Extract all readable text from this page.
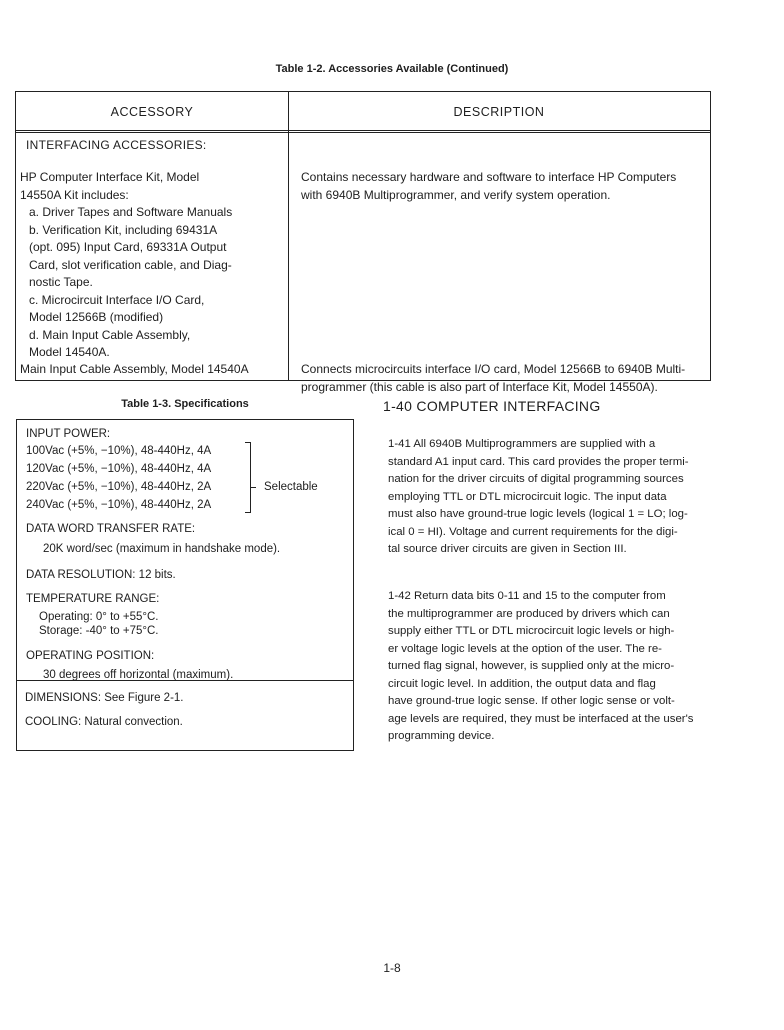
Table 1-2. Accessories Available (Continued)
ACCESSORY	DESCRIPTION
INTERFACING ACCESSORIES:
HP Computer Interface Kit, Model
14550A Kit includes:
a. Driver Tapes and Software Manuals
b. Verification Kit, including 69431A
(opt. 095) Input Card, 69331A Output
Card, slot verification cable, and Diag-
nostic Tape.
c. Microcircuit Interface I/O Card,
Model 12566B (modified)
d. Main Input Cable Assembly,
Model 14540A.
Contains necessary hardware and software to interface HP Computers
with 6940B Multiprogrammer, and verify system operation.
Main Input Cable Assembly, Model 14540A	Connects microcircuits interface I/O card, Model 12566B to 6940B Multi-
programmer (this cable is also part of Interface Kit, Model 14550A).
Table 1-3. Specifications
INPUT POWER:
100Vac (+5%, −10%), 48-440Hz, 4A
120Vac (+5%, −10%), 48-440Hz, 4A
220Vac (+5%, −10%), 48-440Hz, 2A
240Vac (+5%, −10%), 48-440Hz, 2A
Selectable
DATA WORD TRANSFER RATE:
20K word/sec (maximum in handshake mode).
DATA RESOLUTION: 12 bits.
TEMPERATURE RANGE:
Operating: 0° to +55°C.
Storage: -40° to +75°C.
OPERATING POSITION:
30 degrees off horizontal (maximum).
DIMENSIONS: See Figure 2-1.
COOLING: Natural convection.
1-40 COMPUTER INTERFACING
1-41 All 6940B Multiprogrammers are supplied with a
standard A1 input card. This card provides the proper termi-
nation for the driver circuits of digital programming sources
employing TTL or DTL microcircuit logic. The input data
must also have ground-true logic levels (logical 1 = LO; log-
ical 0 = HI). Voltage and current requirements for the digi-
tal source driver circuits are given in Section III.
1-42 Return data bits 0-11 and 15 to the computer from
the multiprogrammer are produced by drivers which can
supply either TTL or DTL microcircuit logic levels or high-
er voltage logic levels at the option of the user. The re-
turned flag signal, however, is supplied only at the micro-
circuit logic level. In addition, the output data and flag
have ground-true logic sense. If other logic sense or volt-
age levels are required, they must be interfaced at the user's
programming device.
1-8
